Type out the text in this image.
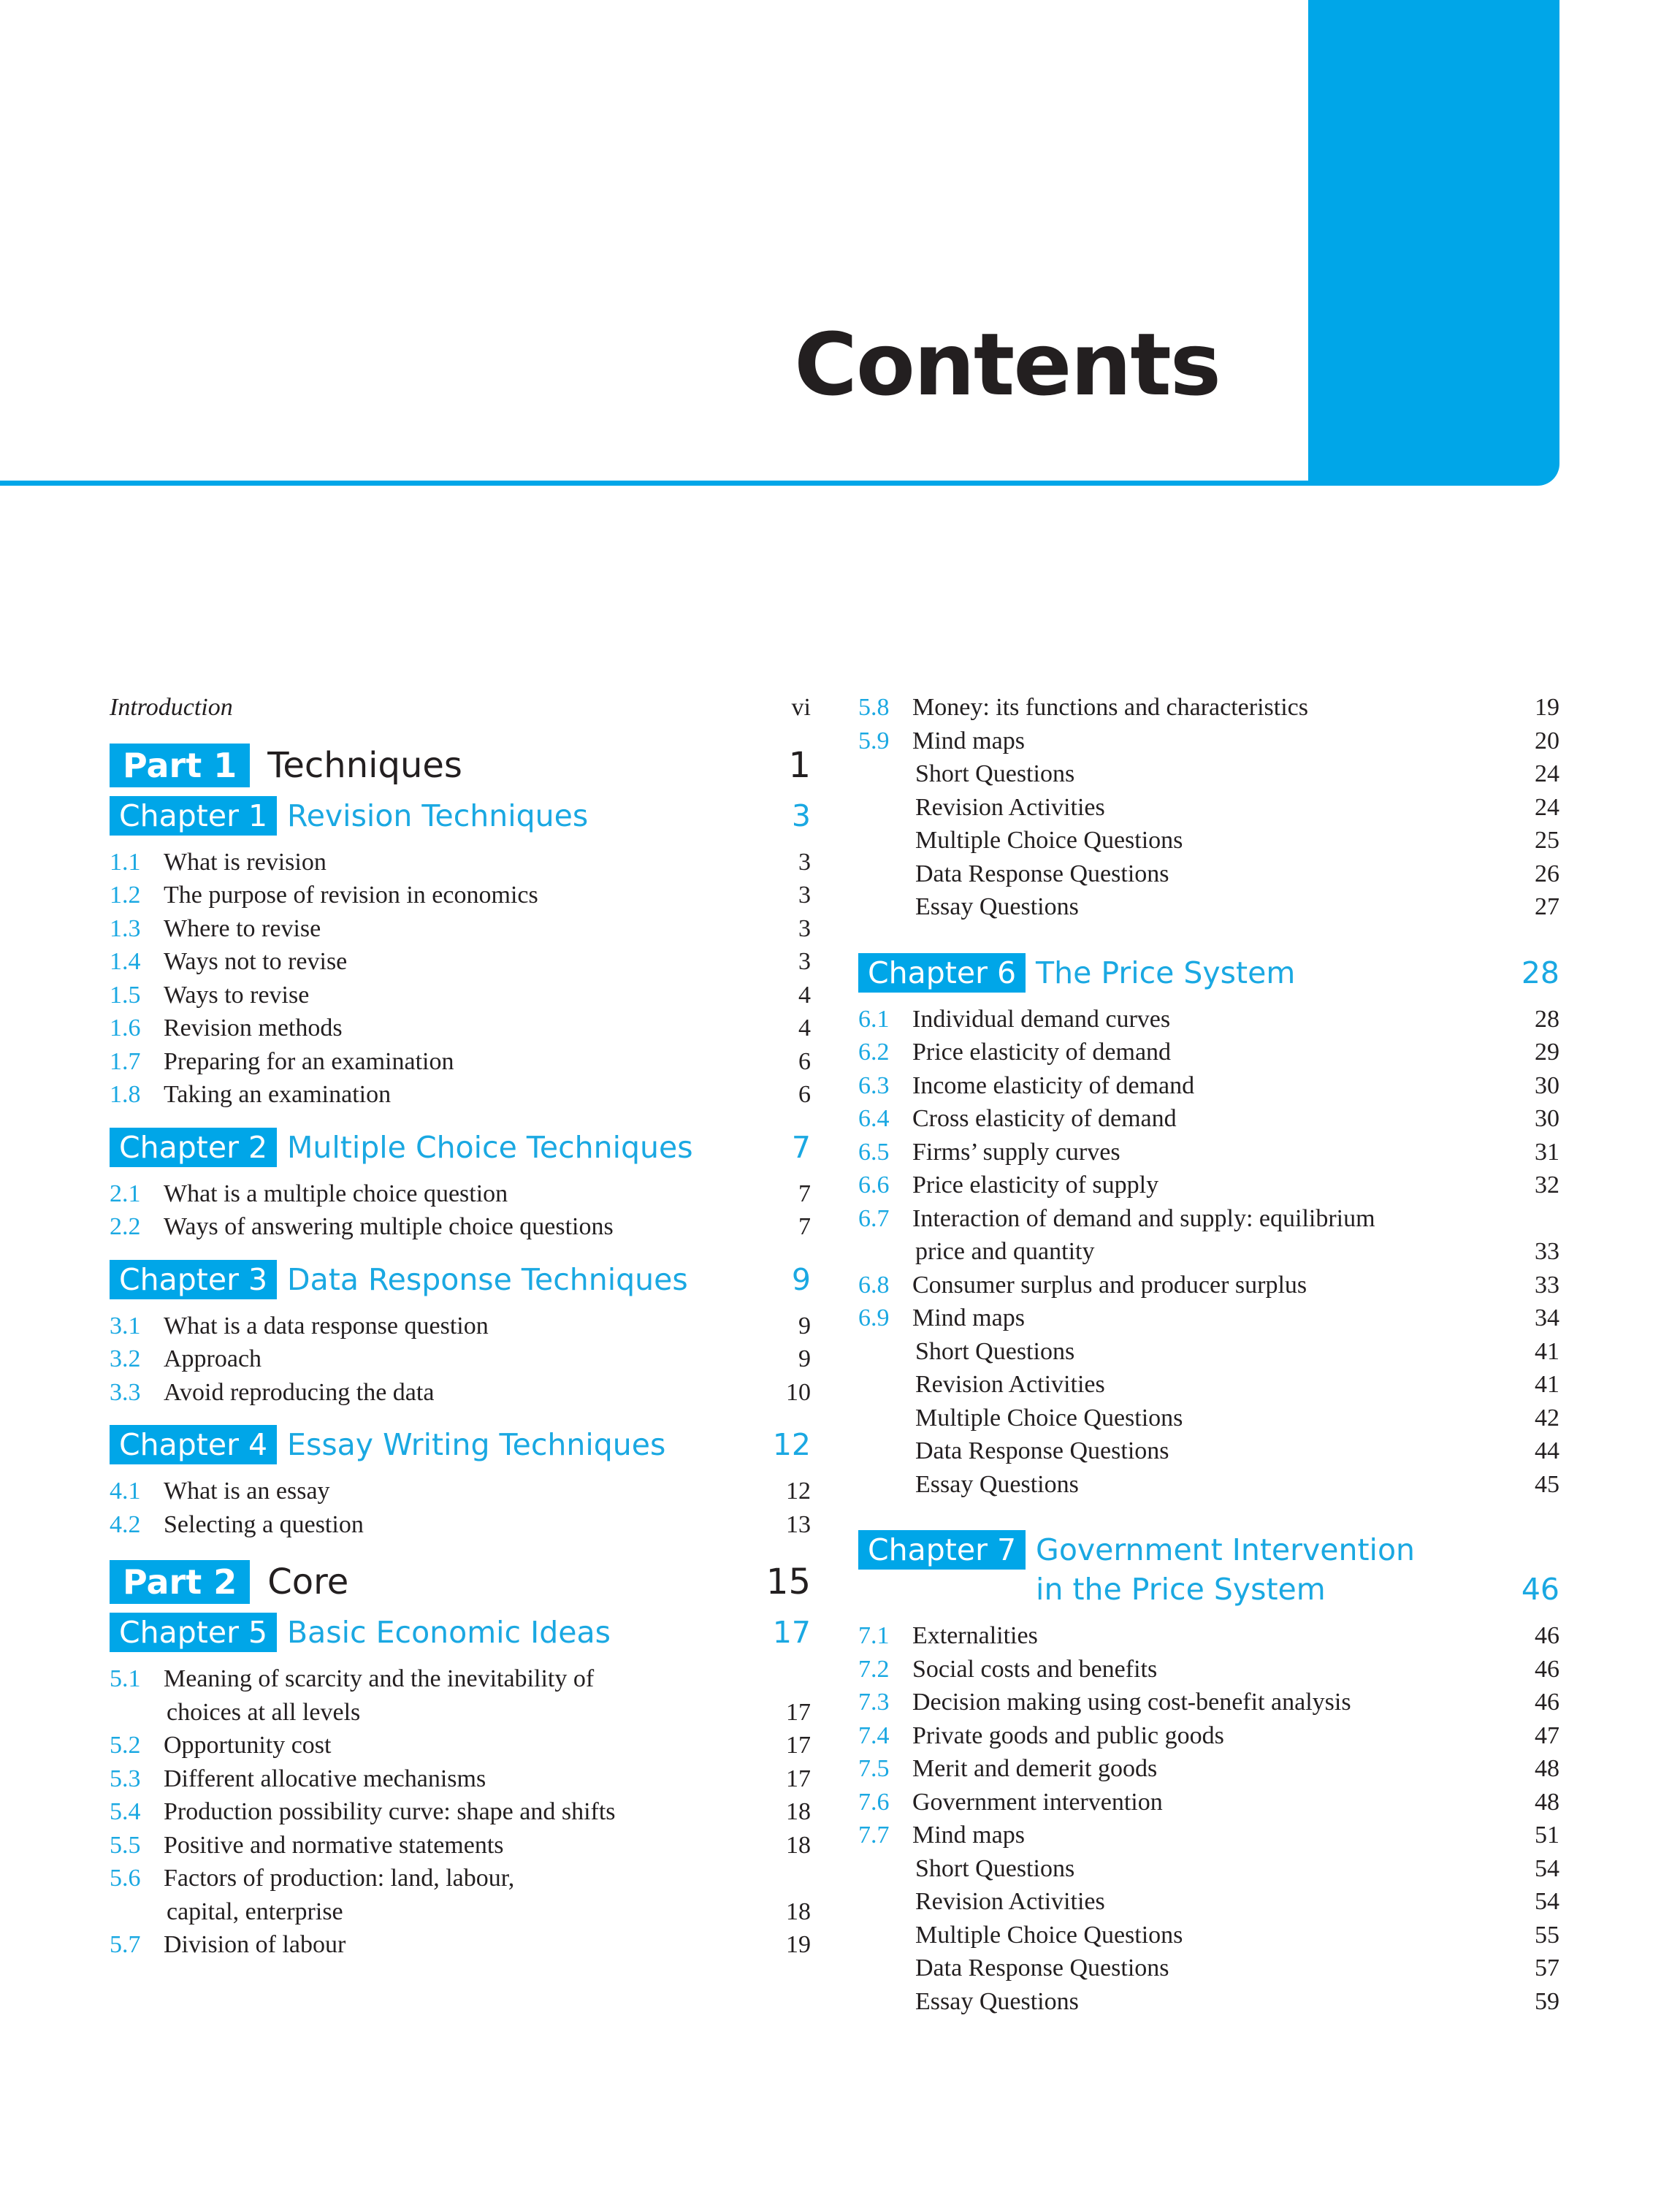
Contents
Introduction	vi
Part 1 Techniques	1
Chapter 1 Revision Techniques	3
1.1 What is revision	3
1.2 The purpose of revision in economics	3
1.3 Where to revise	3
1.4 Ways not to revise	3
1.5 Ways to revise	4
1.6 Revision methods	4
1.7 Preparing for an examination	6
1.8 Taking an examination	6
Chapter 2 Multiple Choice Techniques	7
2.1 What is a multiple choice question	7
2.2 Ways of answering multiple choice questions	7
Chapter 3 Data Response Techniques	9
3.1 What is a data response question	9
3.2 Approach	9
3.3 Avoid reproducing the data	10
Chapter 4 Essay Writing Techniques	12
4.1 What is an essay	12
4.2 Selecting a question	13
Part 2 Core	15
Chapter 5 Basic Economic Ideas	17
5.1 Meaning of scarcity and the inevitability of
choices at all levels	17
5.2 Opportunity cost	17
5.3 Different allocative mechanisms	17
5.4 Production possibility curve: shape and shifts	18
5.5 Positive and normative statements	18
5.6 Factors of production: land, labour,
capital, enterprise	18
5.7 Division of labour	19
5.8 Money: its functions and characteristics	19
5.9 Mind maps	20
Short Questions	24
Revision Activities	24
Multiple Choice Questions	25
Data Response Questions	26
Essay Questions	27
Chapter 6 The Price System	28
6.1 Individual demand curves	28
6.2 Price elasticity of demand	29
6.3 Income elasticity of demand	30
6.4 Cross elasticity of demand	30
6.5 Firms’ supply curves	31
6.6 Price elasticity of supply	32
6.7 Interaction of demand and supply: equilibrium
price and quantity	33
6.8 Consumer surplus and producer surplus	33
6.9 Mind maps	34
Short Questions	41
Revision Activities	41
Multiple Choice Questions	42
Data Response Questions	44
Essay Questions	45
Chapter 7 Government Intervention
in the Price System	46
7.1 Externalities	46
7.2 Social costs and benefits	46
7.3 Decision making using cost-benefit analysis	46
7.4 Private goods and public goods	47
7.5 Merit and demerit goods	48
7.6 Government intervention	48
7.7 Mind maps	51
Short Questions	54
Revision Activities	54
Multiple Choice Questions	55
Data Response Questions	57
Essay Questions	59
